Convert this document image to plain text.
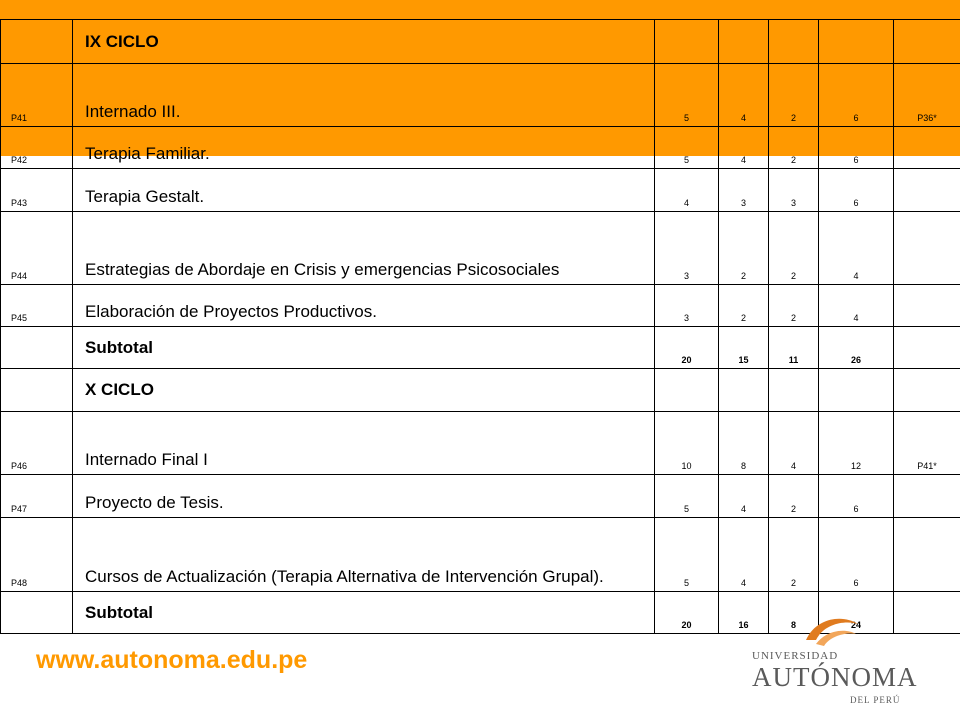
	IX CICLO					
P41	Internado III.	5	4	2	6	P36*
P42	Terapia Familiar.	5	4	2	6	
P43	Terapia Gestalt.	4	3	3	6	
P44	Estrategias de Abordaje en Crisis y emergencias Psicosociales	3	2	2	4	
P45	Elaboración de Proyectos Productivos.	3	2	2	4	
	Subtotal	20	15	11	26	
	X CICLO					
P46	Internado Final I	10	8	4	12	P41*
P47	Proyecto de Tesis.	5	4	2	6	
P48	Cursos de Actualización (Terapia Alternativa de Intervención Grupal).	5	4	2	6	
	Subtotal	20	16	8	24	
www.autonoma.edu.pe	UNIVERSIDAD
AUTÓNOMA
DEL PERÚ
